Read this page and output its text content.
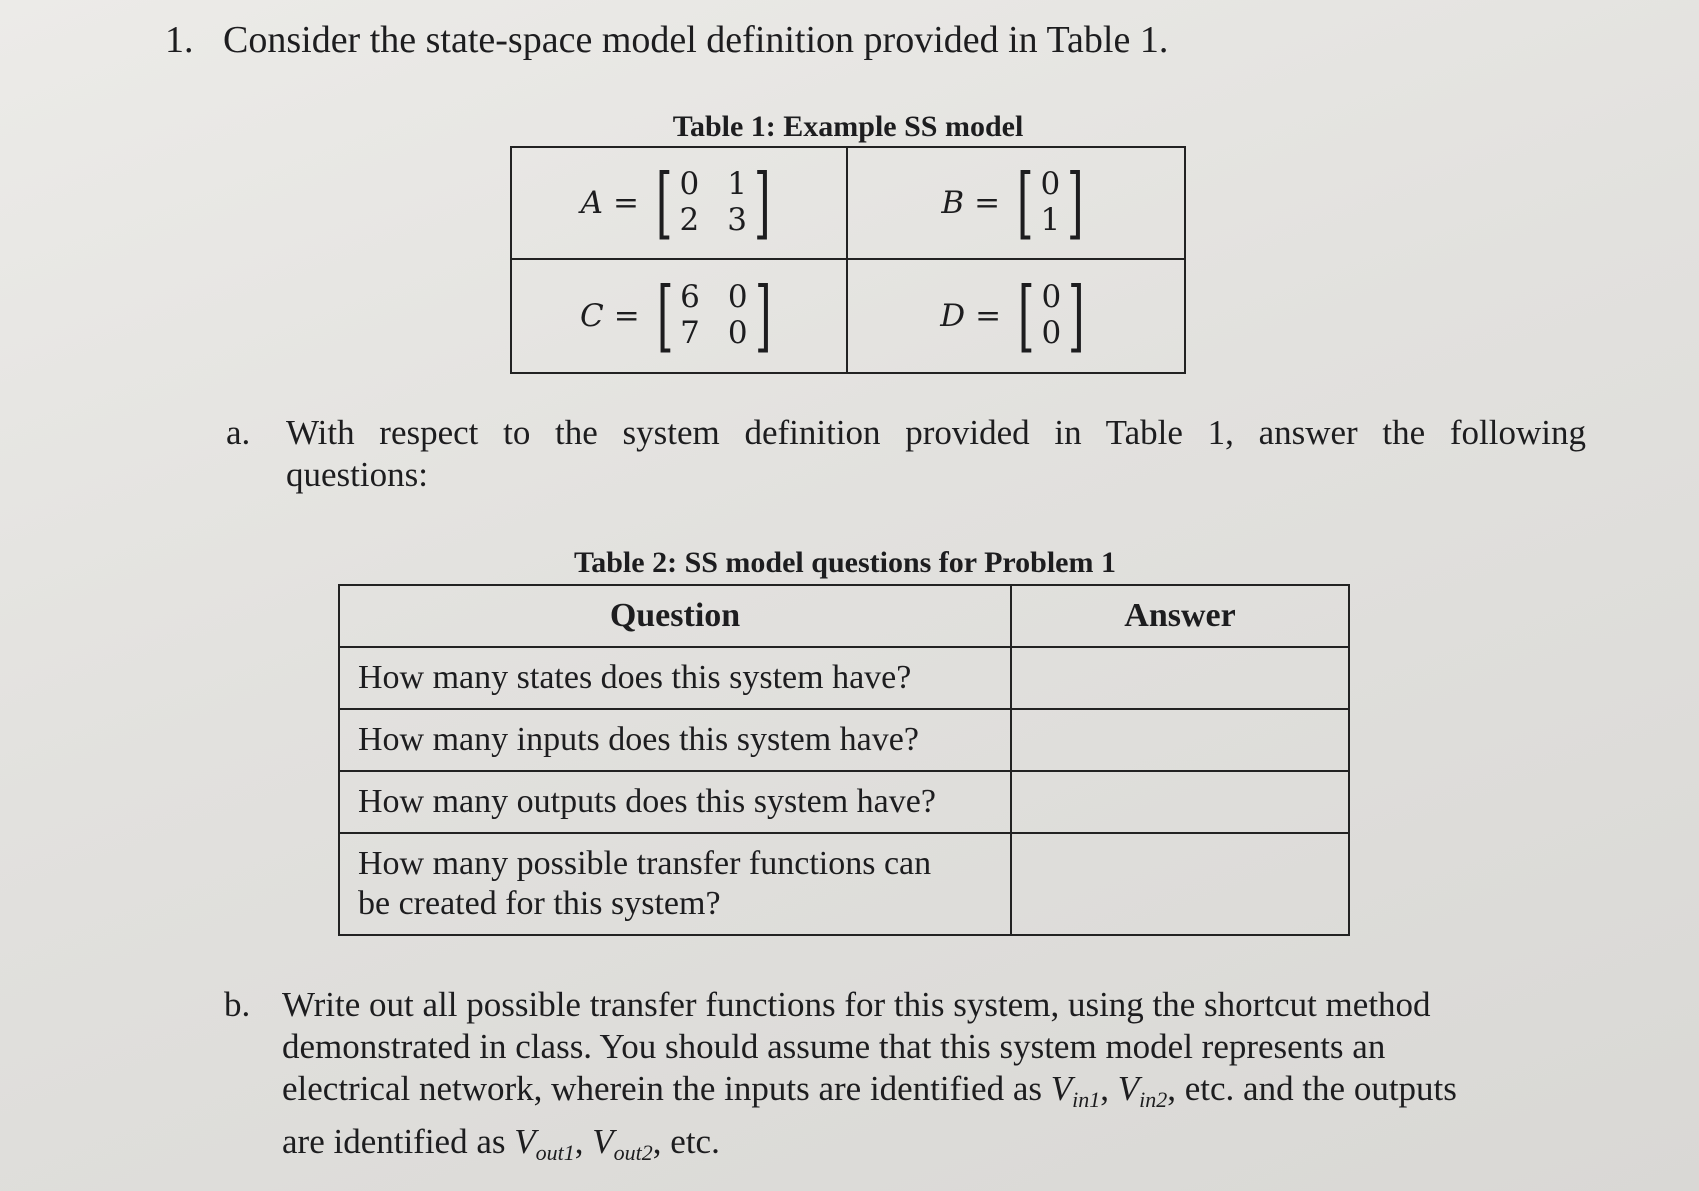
1. Consider the state-space model definition provided in Table 1.
Table 1: Example SS model
A = [ 0 1
2 3 ]	B = [ 0
1 ]
C = [ 6 0
7 0 ]	D = [ 0
0 ]
a.	With respect to the system definition provided in Table 1, answer the following
questions:
Table 2: SS model questions for Problem 1
Question	Answer
How many states does this system have?	
How many inputs does this system have?	
How many outputs does this system have?	

How many possible transfer functions can
be created for this system?	

b. Write out all possible transfer functions for this system, using the shortcut method
demonstrated in class. You should assume that this system model represents an
electrical network, wherein the inputs are identified as $V_{in1}$, $V_{in2}$, etc. and the outputs
are identified as $V_{out1}$, $V_{out2}$, etc.
